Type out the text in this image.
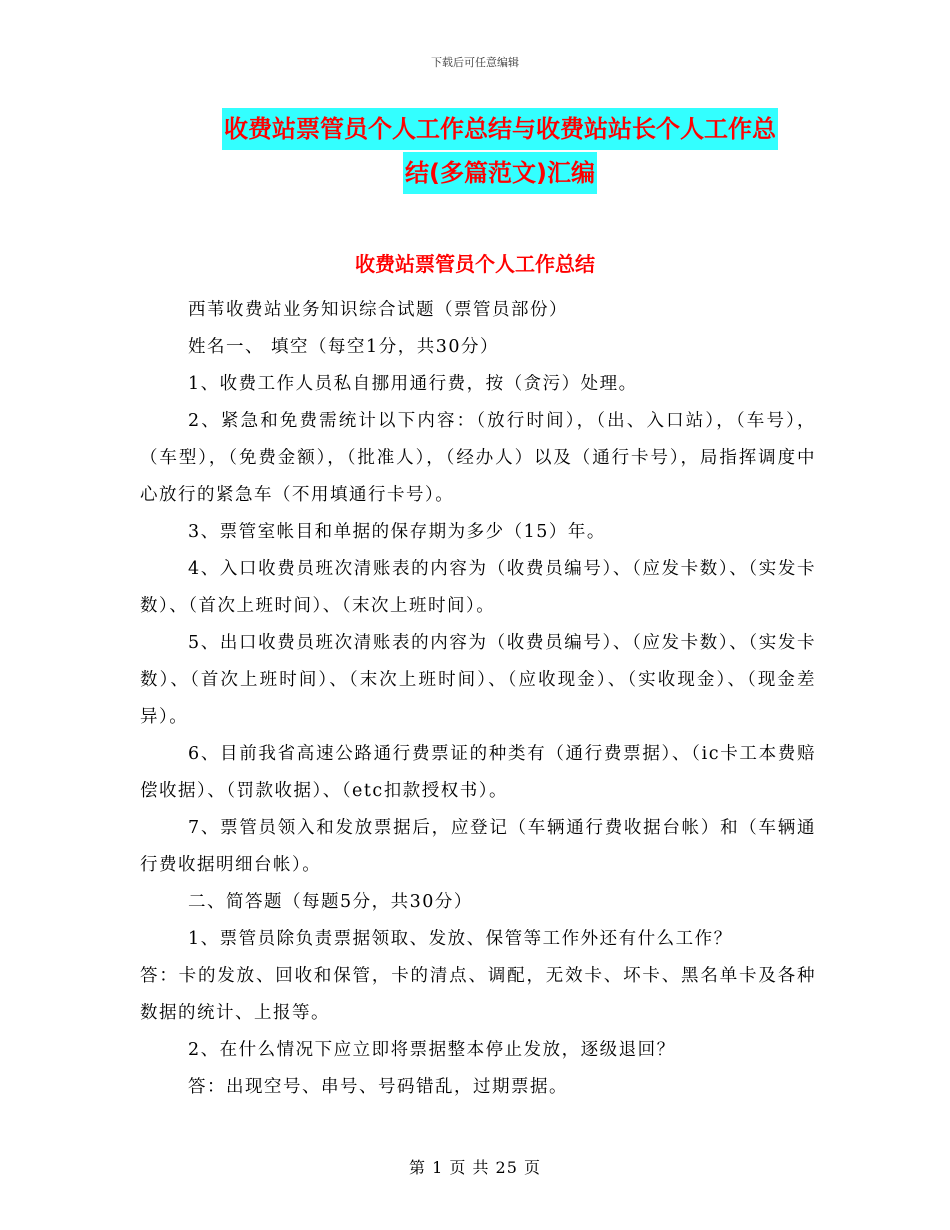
下载后可任意编辑
收费站票管员个人工作总结与收费站站长个人工作总
结(多篇范文)汇编
收费站票管员个人工作总结

西苇收费站业务知识综合试题（票管员部份）

姓名一、 填空（每空1分，共30分）

1、收费工作人员私自挪用通行费，按（贪污）处理。

2、紧急和免费需统计以下内容：（放行时间），（出、入口站），（车号），（车型），（免费金额），（批准人），（经办人）以及（通行卡号），局指挥调度中心放行的紧急车（不用填通行卡号）。

3、票管室帐目和单据的保存期为多少（15）年。

4、入口收费员班次清账表的内容为（收费员编号）、（应发卡数）、（实发卡数）、（首次上班时间）、（末次上班时间）。

5、出口收费员班次清账表的内容为（收费员编号）、（应发卡数）、（实发卡数）、（首次上班时间）、（末次上班时间）、（应收现金）、（实收现金）、（现金差异）。

6、目前我省高速公路通行费票证的种类有（通行费票据）、（ic卡工本费赔偿收据）、（罚款收据）、（etc扣款授权书）。

7、票管员领入和发放票据后，应登记（车辆通行费收据台帐）和（车辆通行费收据明细台帐）。

二、简答题（每题5分，共30分）

1、票管员除负责票据领取、发放、保管等工作外还有什么工作？

答：卡的发放、回收和保管，卡的清点、调配，无效卡、坏卡、黑名单卡及各种数据的统计、上报等。

2、在什么情况下应立即将票据整本停止发放，逐级退回？

答：出现空号、串号、号码错乱，过期票据。

第 1 页 共 25 页
